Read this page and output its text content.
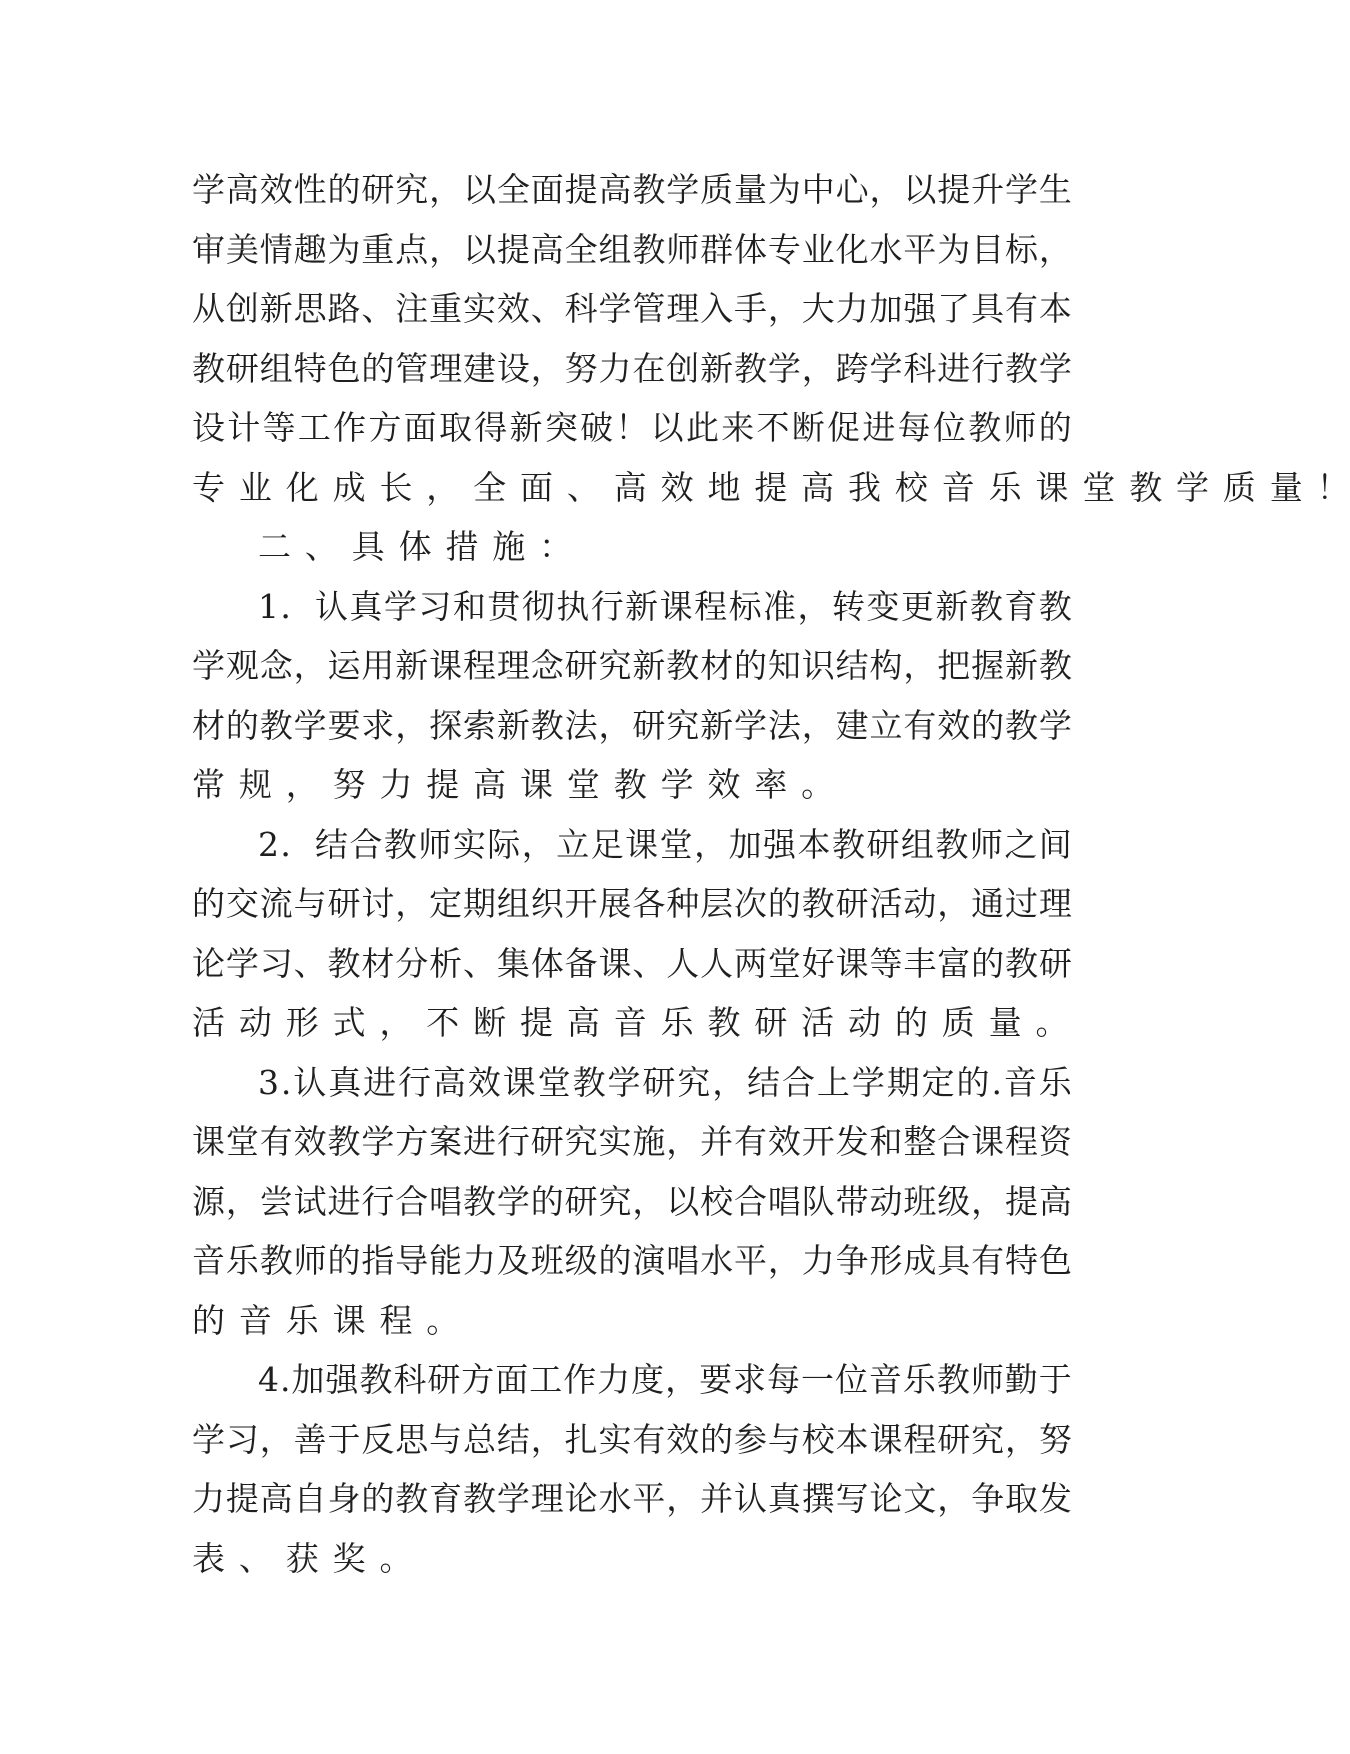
学 高 效 性 的 研 究 ， 以 全 面 提 高 教 学 质 量 为 中 心 ， 以 提 升 学 生
审 美 情 趣 为 重 点 ， 以 提 高 全 组 教 师 群 体 专 业 化 水 平 为 目 标 ，
从 创 新 思 路 、 注 重 实 效 、 科 学 管 理 入 手 ， 大 力 加 强 了 具 有 本
教 研 组 特 色 的 管 理 建 设 ， 努 力 在 创 新 教 学 ， 跨 学 科 进 行 教 学
设 计 等 工 作 方 面 取 得 新 突 破 ！ 以 此 来 不 断 促 进 每 位 教 师 的
专 业 化 成 长 ， 全 面 、 高 效 地 提 高 我 校 音 乐 课 堂 教 学 质 量 ！
二 、 具 体 措 施 ：
1 ． 认 真 学 习 和 贯 彻 执 行 新 课 程 标 准 ， 转 变 更 新 教 育 教
学 观 念 ， 运 用 新 课 程 理 念 研 究 新 教 材 的 知 识 结 构 ， 把 握 新 教
材 的 教 学 要 求 ， 探 索 新 教 法 ， 研 究 新 学 法 ， 建 立 有 效 的 教 学
常 规 ， 努 力 提 高 课 堂 教 学 效 率 。
2 ． 结 合 教 师 实 际 ， 立 足 课 堂 ， 加 强 本 教 研 组 教 师 之 间
的 交 流 与 研 讨 ， 定 期 组 织 开 展 各 种 层 次 的 教 研 活 动 ， 通 过 理
论 学 习 、 教 材 分 析 、 集 体 备 课 、 人 人 两 堂 好 课 等 丰 富 的 教 研
活 动 形 式 ， 不 断 提 高 音 乐 教 研 活 动 的 质 量 。
3 . 认 真 进 行 高 效 课 堂 教 学 研 究 ， 结 合 上 学 期 定 的 . 音 乐
课 堂 有 效 教 学 方 案 进 行 研 究 实 施 ， 并 有 效 开 发 和 整 合 课 程 资
源 ， 尝 试 进 行 合 唱 教 学 的 研 究 ， 以 校 合 唱 队 带 动 班 级 ， 提 高
音 乐 教 师 的 指 导 能 力 及 班 级 的 演 唱 水 平 ， 力 争 形 成 具 有 特 色
的 音 乐 课 程 。
4 . 加 强 教 科 研 方 面 工 作 力 度 ， 要 求 每 一 位 音 乐 教 师 勤 于
学 习 ， 善 于 反 思 与 总 结 ， 扎 实 有 效 的 参 与 校 本 课 程 研 究 ， 努
力 提 高 自 身 的 教 育 教 学 理 论 水 平 ， 并 认 真 撰 写 论 文 ， 争 取 发
表 、 获 奖 。
